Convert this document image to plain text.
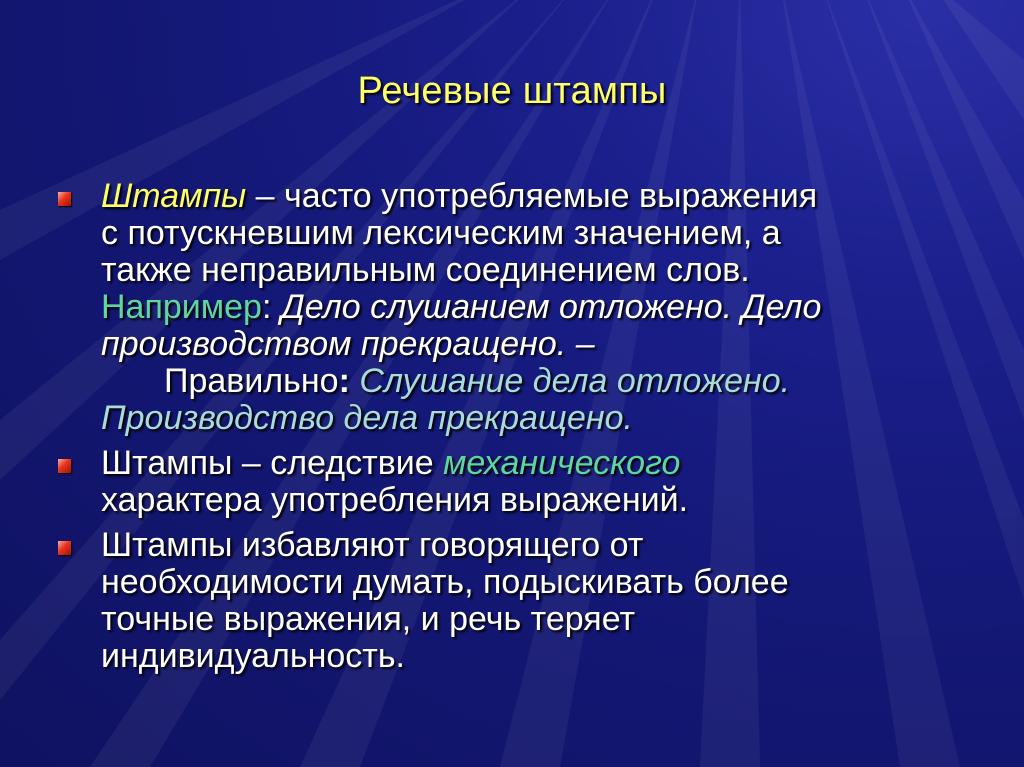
Речевые штампы
Штампы – часто употребляемые выражения
с потускневшим лексическим значением, а
также неправильным соединением слов.
Например: Дело слушанием отложено. Дело
производством прекращено. –
Правильно: Слушание дела отложено.
Производство дела прекращено.
Штампы – следствие механического
характера употребления выражений.
Штампы избавляют говорящего от
необходимости думать, подыскивать более
точные выражения, и речь теряет
индивидуальность.
